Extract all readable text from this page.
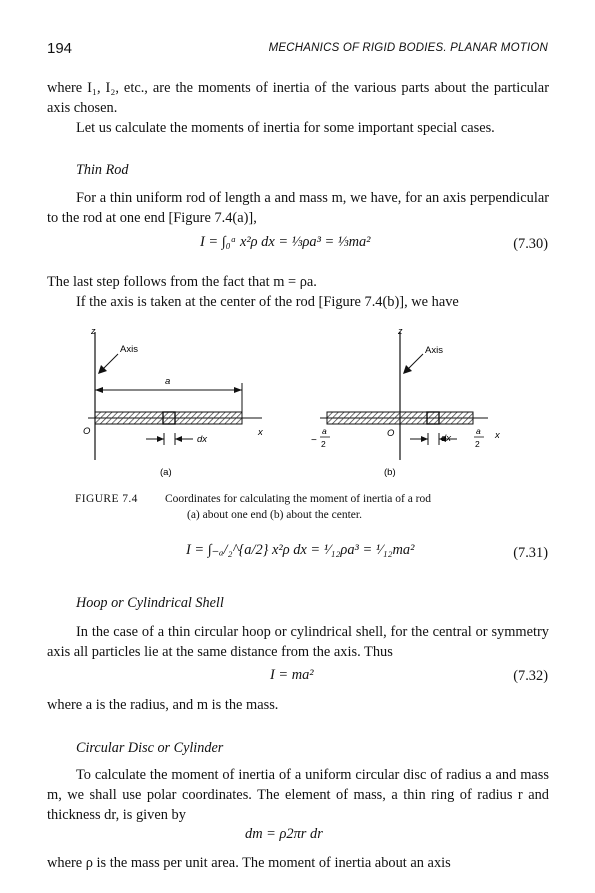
194	MECHANICS OF RIGID BODIES. PLANAR MOTION
where I₁, I₂, etc., are the moments of inertia of the various parts about the particular axis chosen.
Let us calculate the moments of inertia for some important special cases.
Thin Rod
For a thin uniform rod of length a and mass m, we have, for an axis perpendicular to the rod at one end [Figure 7.4(a)],
I = ∫₀ᵃ x²ρ dx = ⅓ρa³ = ⅓ma²	(7.30)
The last step follows from the fact that m = ρa.
If the axis is taken at the center of the rod [Figure 7.4(b)], we have
z
Axis
a
O
dx
x
(a)
z
Axis
O	dx	x
−
a
2
a
2
(b)
FIGURE 7.4 Coordinates for calculating the moment of inertia of a rod
(a) about one end (b) about the center.
I = ∫₋ₐ/₂^{a/2} x²ρ dx = ¹⁄₁₂ρa³ = ¹⁄₁₂ma²	(7.31)
Hoop or Cylindrical Shell
In the case of a thin circular hoop or cylindrical shell, for the central or symmetry axis all particles lie at the same distance from the axis. Thus
I = ma²	(7.32)
where a is the radius, and m is the mass.
Circular Disc or Cylinder
To calculate the moment of inertia of a uniform circular disc of radius a and mass m, we shall use polar coordinates. The element of mass, a thin ring of radius r and thickness dr, is given by
dm = ρ2πr dr
where ρ is the mass per unit area. The moment of inertia about an axis
